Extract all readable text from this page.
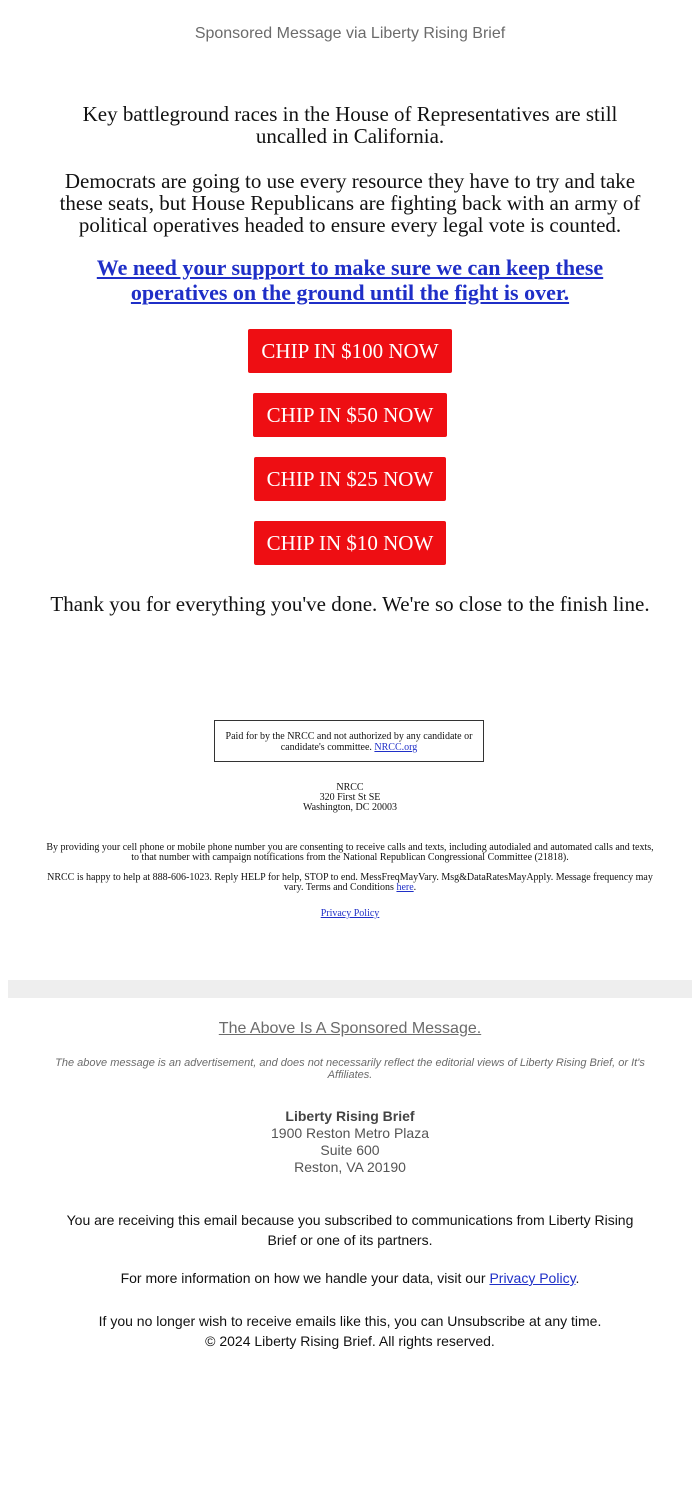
Sponsored Message via Liberty Rising Brief
Key battleground races in the House of Representatives are still uncalled in California.
Democrats are going to use every resource they have to try and take these seats, but House Republicans are fighting back with an army of political operatives headed to ensure every legal vote is counted.
We need your support to make sure we can keep these operatives on the ground until the fight is over.
CHIP IN $100 NOW
CHIP IN $50 NOW
CHIP IN $25 NOW
CHIP IN $10 NOW
Thank you for everything you've done. We're so close to the finish line.
Paid for by the NRCC and not authorized by any candidate or candidate's committee. NRCC.org
NRCC
320 First St SE
Washington, DC 20003
By providing your cell phone or mobile phone number you are consenting to receive calls and texts, including autodialed and automated calls and texts, to that number with campaign notifications from the National Republican Congressional Committee (21818).
NRCC is happy to help at 888-606-1023. Reply HELP for help, STOP to end. MessFreqMayVary. Msg&DataRatesMayApply. Message frequency may vary. Terms and Conditions here.
Privacy Policy
The Above Is A Sponsored Message.
The above message is an advertisement, and does not necessarily reflect the editorial views of Liberty Rising Brief, or It's Affiliates.
Liberty Rising Brief
1900 Reston Metro Plaza
Suite 600
Reston, VA 20190
You are receiving this email because you subscribed to communications from Liberty Rising Brief or one of its partners.
For more information on how we handle your data, visit our Privacy Policy.
If you no longer wish to receive emails like this, you can Unsubscribe at any time.
© 2024 Liberty Rising Brief. All rights reserved.
